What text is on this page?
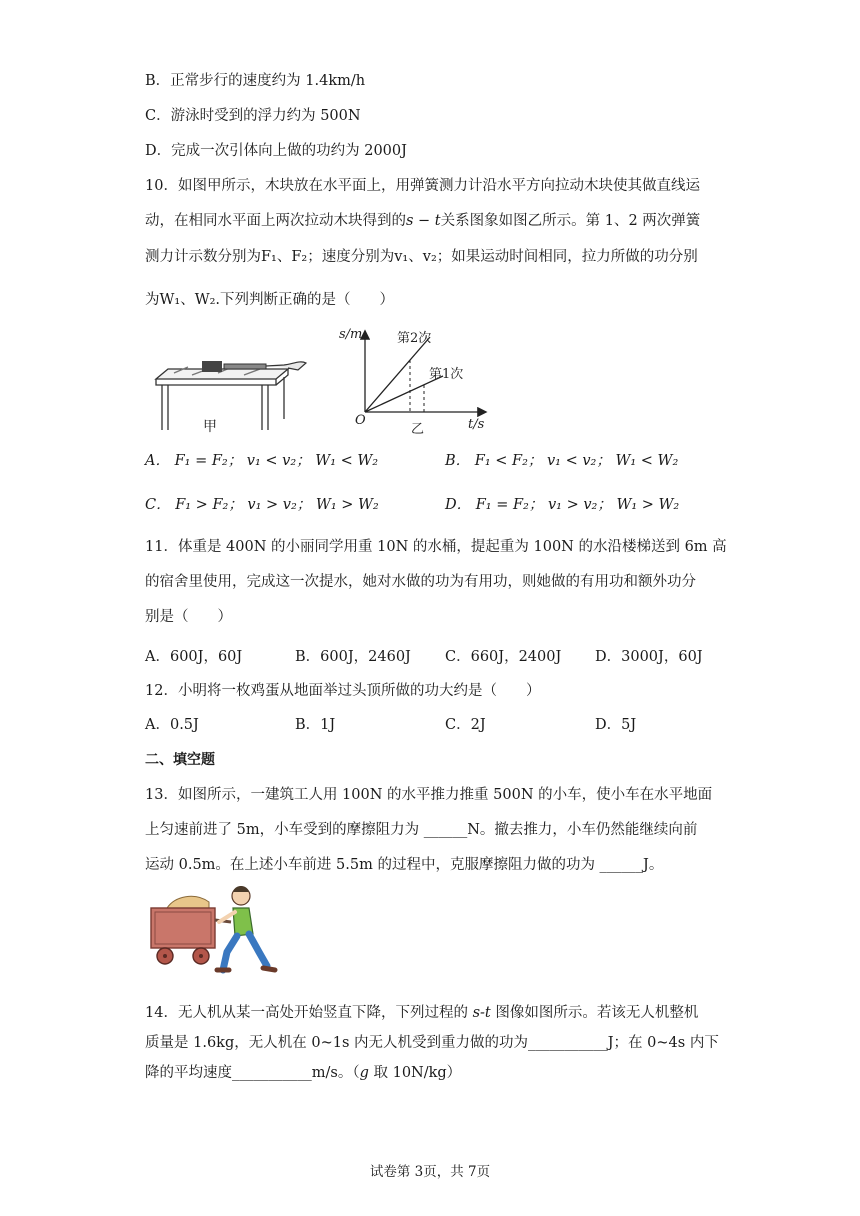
B．正常步行的速度约为 1.4km/h
C．游泳时受到的浮力约为 500N
D．完成一次引体向上做的功约为 2000J
10．如图甲所示，木块放在水平面上，用弹簧测力计沿水平方向拉动木块使其做直线运
动，在相同水平面上两次拉动木块得到的s − t关系图象如图乙所示。第 1、2 两次弹簧
测力计示数分别为F₁、F₂；速度分别为v₁、v₂；如果运动时间相同，拉力所做的功分别
为W₁、W₂.下列判断正确的是（　　）
甲
s/m
t/s
O
第2次
第1次
乙
A． F₁ = F₂； v₁ < v₂； W₁ < W₂	B． F₁ < F₂； v₁ < v₂； W₁ < W₂
C． F₁ > F₂； v₁ > v₂； W₁ > W₂	D． F₁ = F₂； v₁ > v₂； W₁ > W₂
11．体重是 400N 的小丽同学用重 10N 的水桶，提起重为 100N 的水沿楼梯送到 6m 高
的宿舍里使用，完成这一次提水，她对水做的功为有用功，则她做的有用功和额外功分
别是（　　）
A．600J，60J	B．600J，2460J C．660J，2400J D．3000J，60J
12．小明将一枚鸡蛋从地面举过头顶所做的功大约是（　　）
A．0.5J	B．1J	C．2J	D．5J
二、填空题
13．如图所示，一建筑工人用 100N 的水平推力推重 500N 的小车，使小车在水平地面
上匀速前进了 5m，小车受到的摩擦阻力为 ______N。撤去推力，小车仍然能继续向前
运动 0.5m。在上述小车前进 5.5m 的过程中，克服摩擦阻力做的功为 ______J。
14．无人机从某一高处开始竖直下降，下列过程的 s-t 图像如图所示。若该无人机整机
质量是 1.6kg，无人机在 0~1s 内无人机受到重力做的功为___________J；在 0~4s 内下
降的平均速度___________m/s。（g 取 10N/kg）
试卷第 3页，共 7页
